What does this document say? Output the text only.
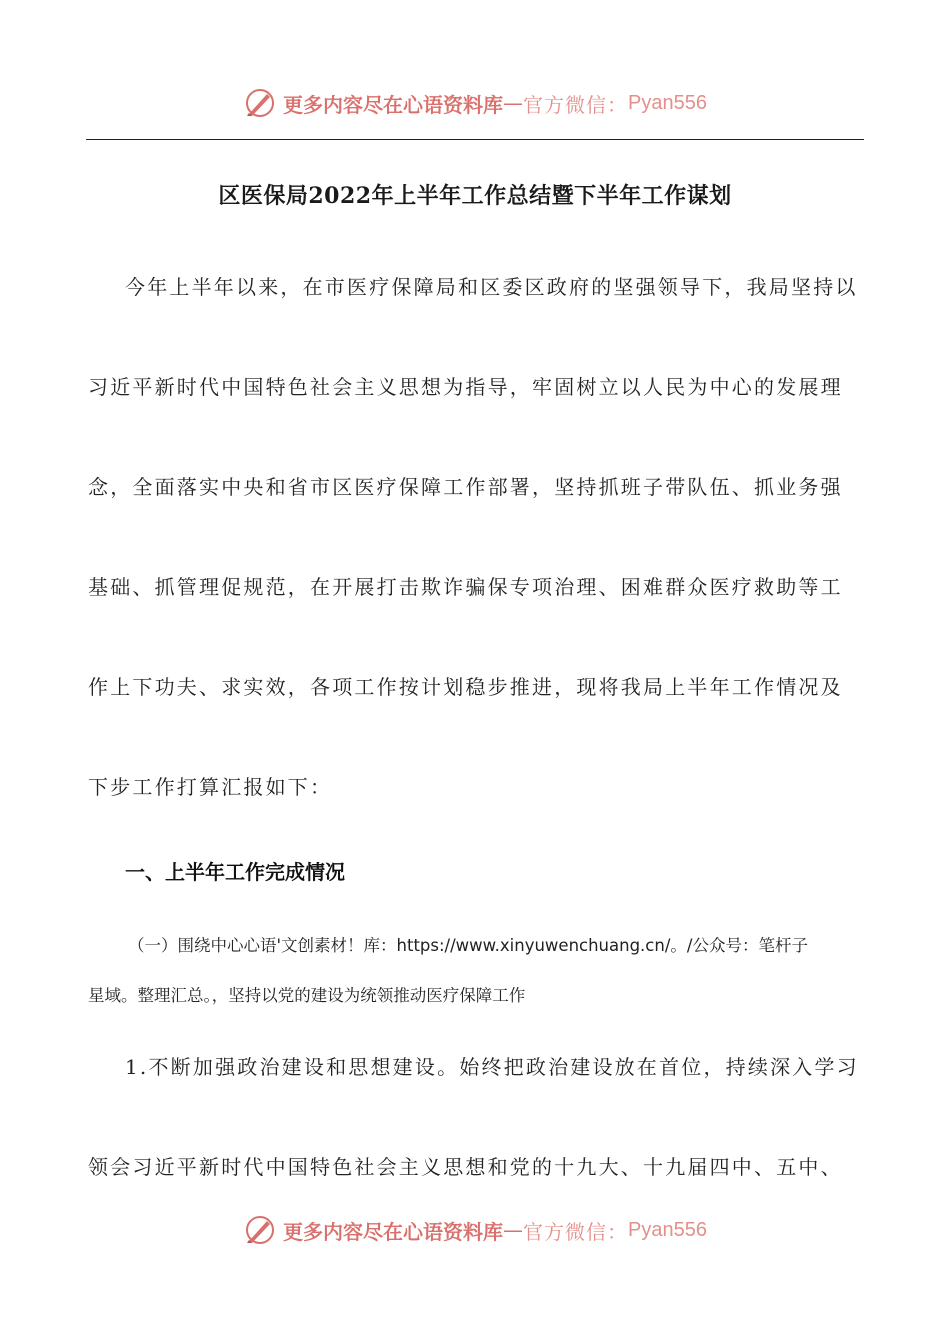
更多内容尽在心语资料库 — 官方微信： Pyan556
区医保局2022年上半年工作总结暨下半年工作谋划
今年上半年以来，在市医疗保障局和区委区政府的坚强领导下，我局坚持以
习近平新时代中国特色社会主义思想为指导，牢固树立以人民为中心的发展理
念，全面落实中央和省市区医疗保障工作部署，坚持抓班子带队伍、抓业务强
基础、抓管理促规范，在开展打击欺诈骗保专项治理、困难群众医疗救助等工
作上下功夫、求实效，各项工作按计划稳步推进，现将我局上半年工作情况及
下步工作打算汇报如下：
一、上半年工作完成情况
（一）围绕中心心语'文创素材！库：https://www.xinyuwenchuang.cn/。/公众号：笔杆子
星域。整理汇总。，坚持以党的建设为统领推动医疗保障工作
1.不断加强政治建设和思想建设。始终把政治建设放在首位，持续深入学习
领会习近平新时代中国特色社会主义思想和党的十九大、十九届四中、五中、
更多内容尽在心语资料库 — 官方微信： Pyan556
